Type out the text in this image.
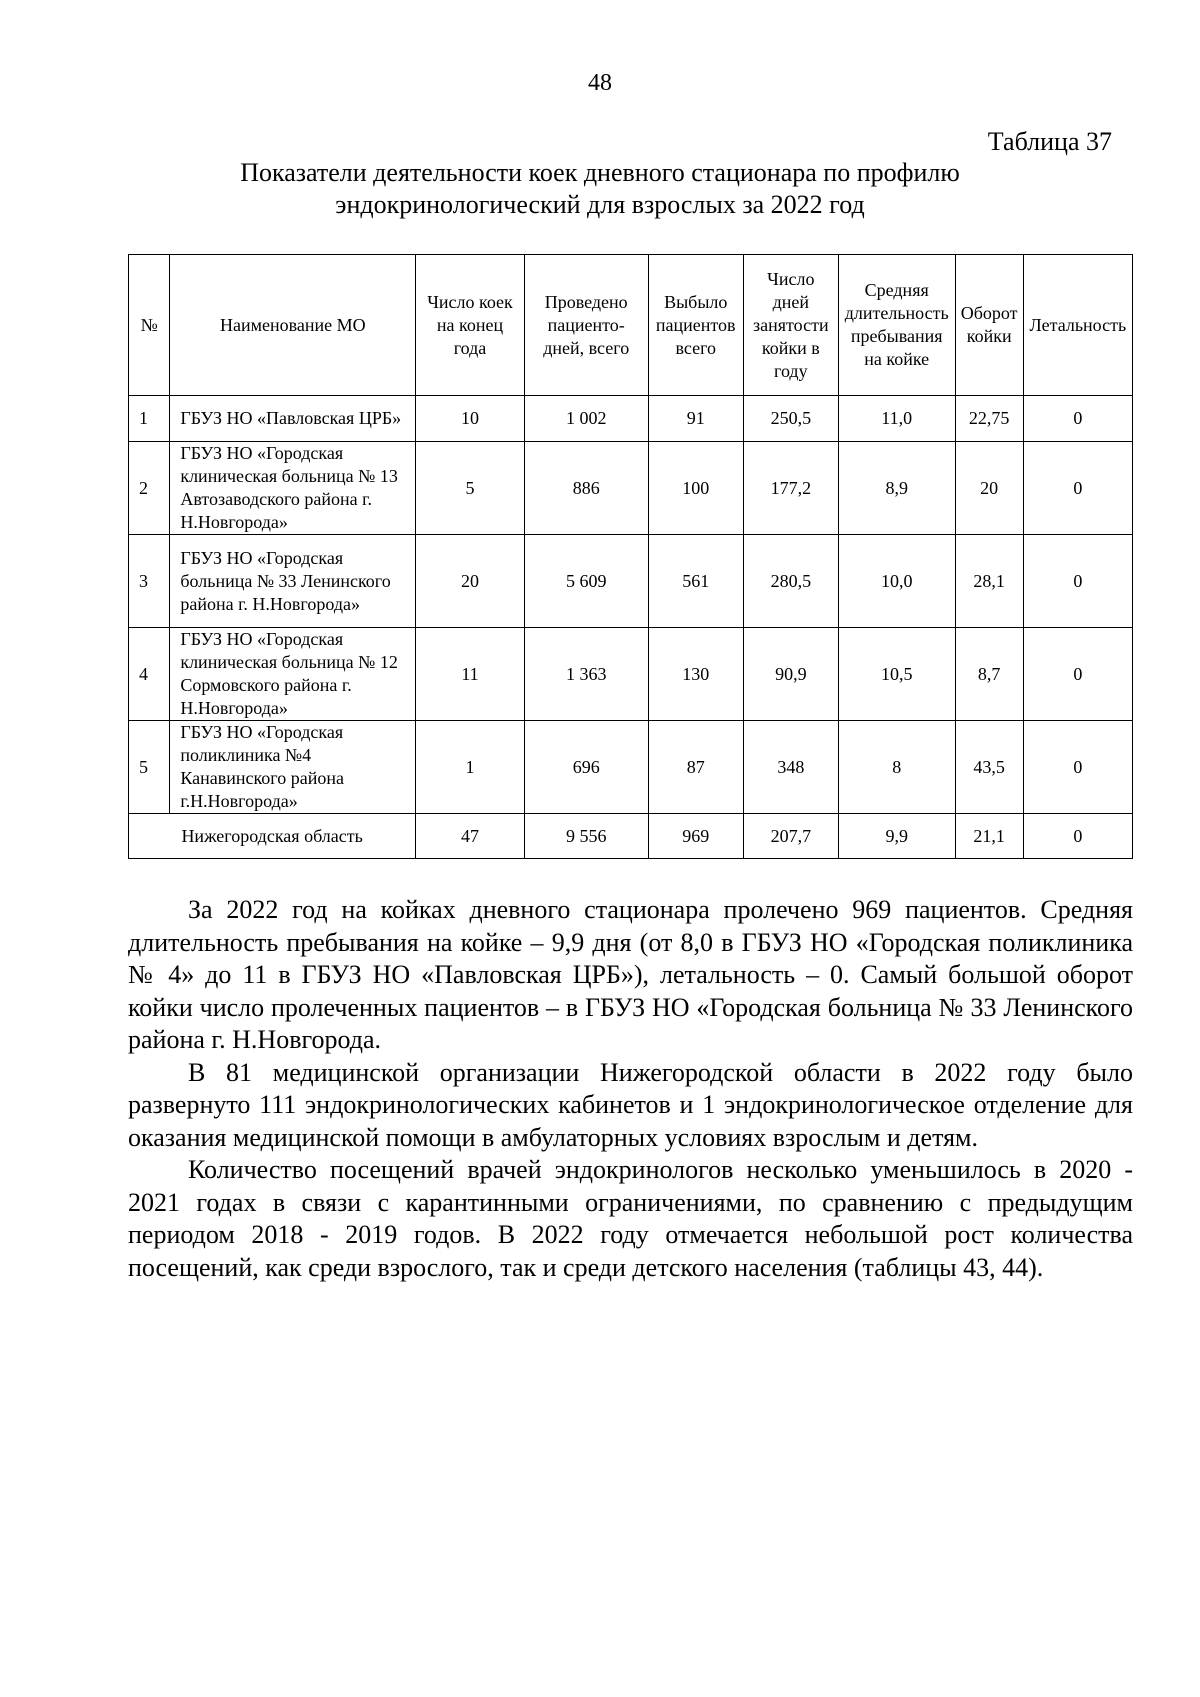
48
Таблица 37
Показатели деятельности коек дневного стационара по профилю
эндокринологический для взрослых за 2022 год
№	Наименование МО	Число коек на конец года	Проведено пациенто-дней, всего	Выбыло пациентов всего	Число дней занятости койки в году	Средняя длительность пребывания на койке	Оборот койки	Летальность
1	ГБУЗ НО «Павловская ЦРБ»	10	1 002	91	250,5	11,0	22,75	0
2	ГБУЗ НО «Городская клиническая больница № 13 Автозаводского района г. Н.Новгорода»	5	886	100	177,2	8,9	20	0
3	ГБУЗ НО «Городская больница № 33 Ленинского района г. Н.Новгорода»	20	5 609	561	280,5	10,0	28,1	0
4	ГБУЗ НО «Городская клиническая больница № 12 Сормовского района г. Н.Новгорода»	11	1 363	130	90,9	10,5	8,7	0
5	ГБУЗ НО «Городская поликлиника №4 Канавинского района г.Н.Новгорода»	1	696	87	348	8	43,5	0
Нижегородская область		47	9 556	969	207,7	9,9	21,1	0

За 2022 год на койках дневного стационара пролечено 969 пациентов. Средняя длительность пребывания на койке – 9,9 дня (от 8,0 в ГБУЗ НО «Городская поликлиника № 4» до 11 в ГБУЗ НО «Павловская ЦРБ»), летальность – 0. Самый большой оборот койки число пролеченных пациентов – в ГБУЗ НО «Городская больница № 33 Ленинского района г. Н.Новгорода.

В 81 медицинской организации Нижегородской области в 2022 году было развернуто 111 эндокринологических кабинетов и 1 эндокринологическое отделение для оказания медицинской помощи в амбулаторных условиях взрослым и детям.

Количество посещений врачей эндокринологов несколько уменьшилось в 2020 - 2021 годах в связи с карантинными ограничениями, по сравнению с предыдущим периодом 2018 - 2019 годов. В 2022 году отмечается небольшой рост количества посещений, как среди взрослого, так и среди детского населения (таблицы 43, 44).
